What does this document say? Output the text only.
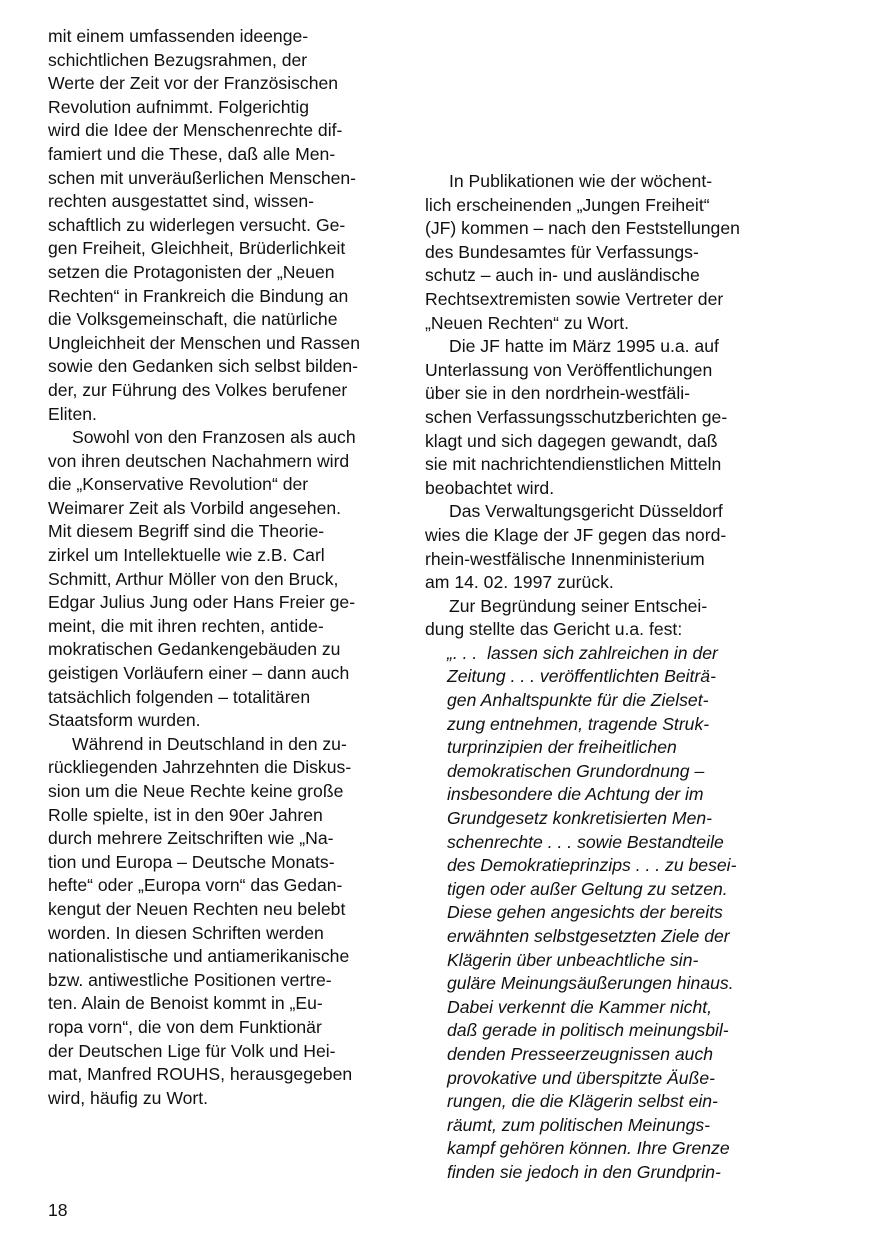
mit einem umfassenden ideenge-
schichtlichen Bezugsrahmen, der
Werte der Zeit vor der Französischen
Revolution aufnimmt. Folgerichtig
wird die Idee der Menschenrechte dif-
famiert und die These, daß alle Men-
schen mit unveräußerlichen Menschen-
rechten ausgestattet sind, wissen-
schaftlich zu widerlegen versucht. Ge-
gen Freiheit, Gleichheit, Brüderlichkeit
setzen die Protagonisten der „Neuen
Rechten“ in Frankreich die Bindung an
die Volksgemeinschaft, die natürliche
Ungleichheit der Menschen und Rassen
sowie den Gedanken sich selbst bilden-
der, zur Führung des Volkes berufener
Eliten.
Sowohl von den Franzosen als auch
von ihren deutschen Nachahmern wird
die „Konservative Revolution“ der
Weimarer Zeit als Vorbild angesehen.
Mit diesem Begriff sind die Theorie-
zirkel um Intellektuelle wie z.B. Carl
Schmitt, Arthur Möller von den Bruck,
Edgar Julius Jung oder Hans Freier ge-
meint, die mit ihren rechten, antide-
mokratischen Gedankengebäuden zu
geistigen Vorläufern einer – dann auch
tatsächlich folgenden – totalitären
Staatsform wurden.
Während in Deutschland in den zu-
rückliegenden Jahrzehnten die Diskus-
sion um die Neue Rechte keine große
Rolle spielte, ist in den 90er Jahren
durch mehrere Zeitschriften wie „Na-
tion und Europa – Deutsche Monats-
hefte“ oder „Europa vorn“ das Gedan-
kengut der Neuen Rechten neu belebt
worden. In diesen Schriften werden
nationalistische und antiamerikanische
bzw. antiwestliche Positionen vertre-
ten. Alain de Benoist kommt in „Eu-
ropa vorn“, die von dem Funktionär
der Deutschen Lige für Volk und Hei-
mat, Manfred ROUHS, herausgegeben
wird, häufig zu Wort.
In Publikationen wie der wöchent-
lich erscheinenden „Jungen Freiheit“
(JF) kommen – nach den Feststellungen
des Bundesamtes für Verfassungs-
schutz – auch in- und ausländische
Rechtsextremisten sowie Vertreter der
„Neuen Rechten“ zu Wort.
Die JF hatte im März 1995 u.a. auf
Unterlassung von Veröffentlichungen
über sie in den nordrhein-westfäli-
schen Verfassungsschutzberichten ge-
klagt und sich dagegen gewandt, daß
sie mit nachrichtendienstlichen Mitteln
beobachtet wird.
Das Verwaltungsgericht Düsseldorf
wies die Klage der JF gegen das nord-
rhein-westfälische Innenministerium
am 14. 02. 1997 zurück.
Zur Begründung seiner Entschei-
dung stellte das Gericht u.a. fest:
„. . .  lassen sich zahlreichen in der
Zeitung . . . veröffentlichten Beiträ-
gen Anhaltspunkte für die Zielset-
zung entnehmen, tragende Struk-
turprinzipien der freiheitlichen
demokratischen Grundordnung –
insbesondere die Achtung der im
Grundgesetz konkretisierten Men-
schenrechte . . . sowie Bestandteile
des Demokratieprinzips . . . zu besei-
tigen oder außer Geltung zu setzen.
Diese gehen angesichts der bereits
erwähnten selbstgesetzten Ziele der
Klägerin über unbeachtliche sin-
guläre Meinungsäußerungen hinaus.
Dabei verkennt die Kammer nicht,
daß gerade in politisch meinungsbil-
denden Presseerzeugnissen auch
provokative und überspitzte Äuße-
rungen, die die Klägerin selbst ein-
räumt, zum politischen Meinungs-
kampf gehören können. Ihre Grenze
finden sie jedoch in den Grundprin-
18
